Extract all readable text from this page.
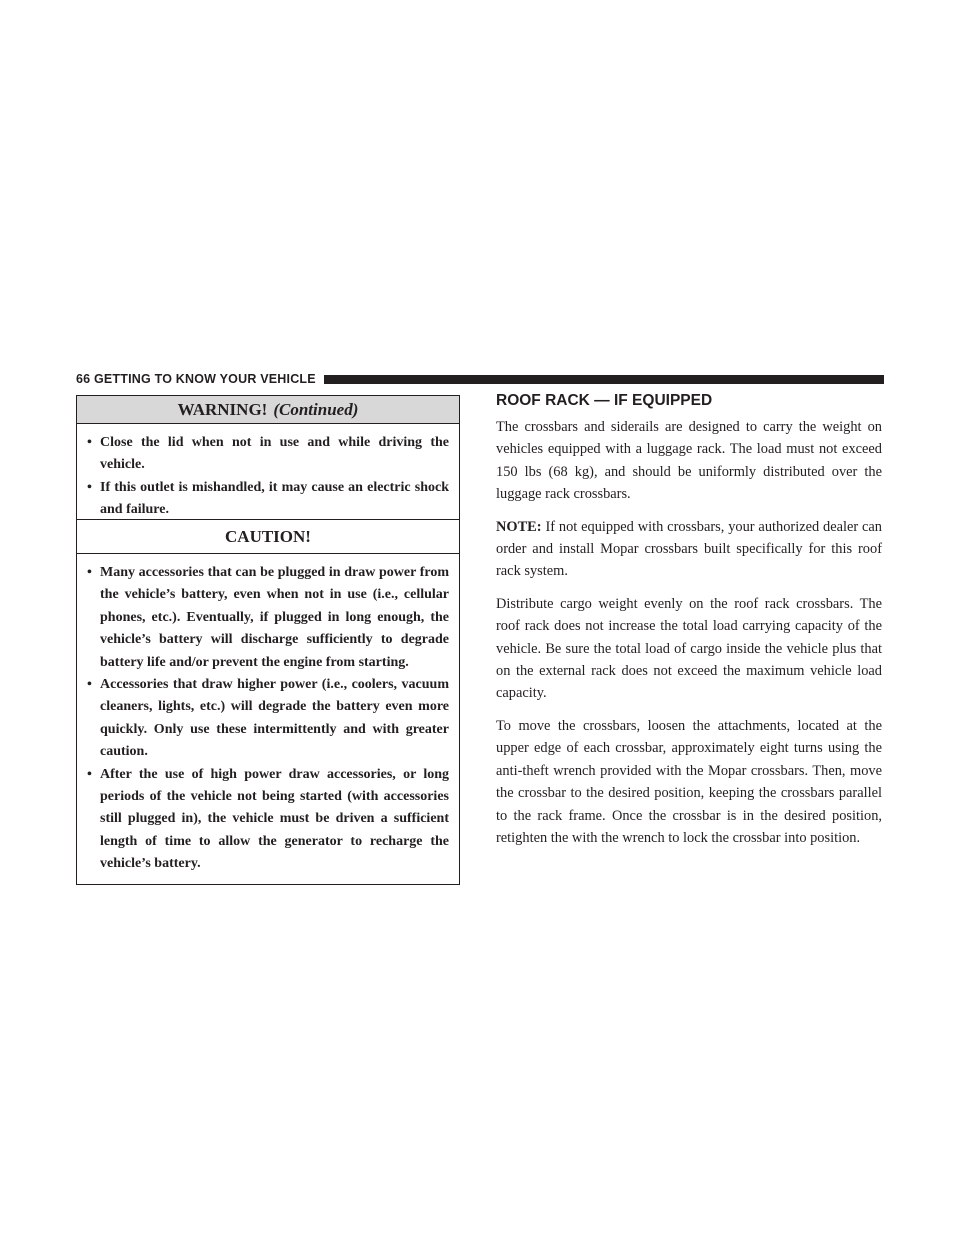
66 GETTING TO KNOW YOUR VEHICLE
WARNING! (Continued)
• Close the lid when not in use and while driving the vehicle.
• If this outlet is mishandled, it may cause an electric shock and failure.
CAUTION!
• Many accessories that can be plugged in draw power from the vehicle’s battery, even when not in use (i.e., cellular phones, etc.). Eventually, if plugged in long enough, the vehicle’s battery will discharge sufficiently to degrade battery life and/or prevent the engine from starting.
• Accessories that draw higher power (i.e., coolers, vacuum cleaners, lights, etc.) will degrade the battery even more quickly. Only use these intermittently and with greater caution.
• After the use of high power draw accessories, or long periods of the vehicle not being started (with accessories still plugged in), the vehicle must be driven a sufficient length of time to allow the generator to recharge the vehicle’s battery.
ROOF RACK — IF EQUIPPED

The crossbars and siderails are designed to carry the weight on vehicles equipped with a luggage rack. The load must not exceed 150 lbs (68 kg), and should be uniformly distributed over the luggage rack crossbars.

NOTE: If not equipped with crossbars, your authorized dealer can order and install Mopar crossbars built specifically for this roof rack system.

Distribute cargo weight evenly on the roof rack crossbars. The roof rack does not increase the total load carrying capacity of the vehicle. Be sure the total load of cargo inside the vehicle plus that on the external rack does not exceed the maximum vehicle load capacity.

To move the crossbars, loosen the attachments, located at the upper edge of each crossbar, approximately eight turns using the anti-theft wrench provided with the Mopar crossbars. Then, move the crossbar to the desired position, keeping the crossbars parallel to the rack frame. Once the crossbar is in the desired position, retighten the with the wrench to lock the crossbar into position.
